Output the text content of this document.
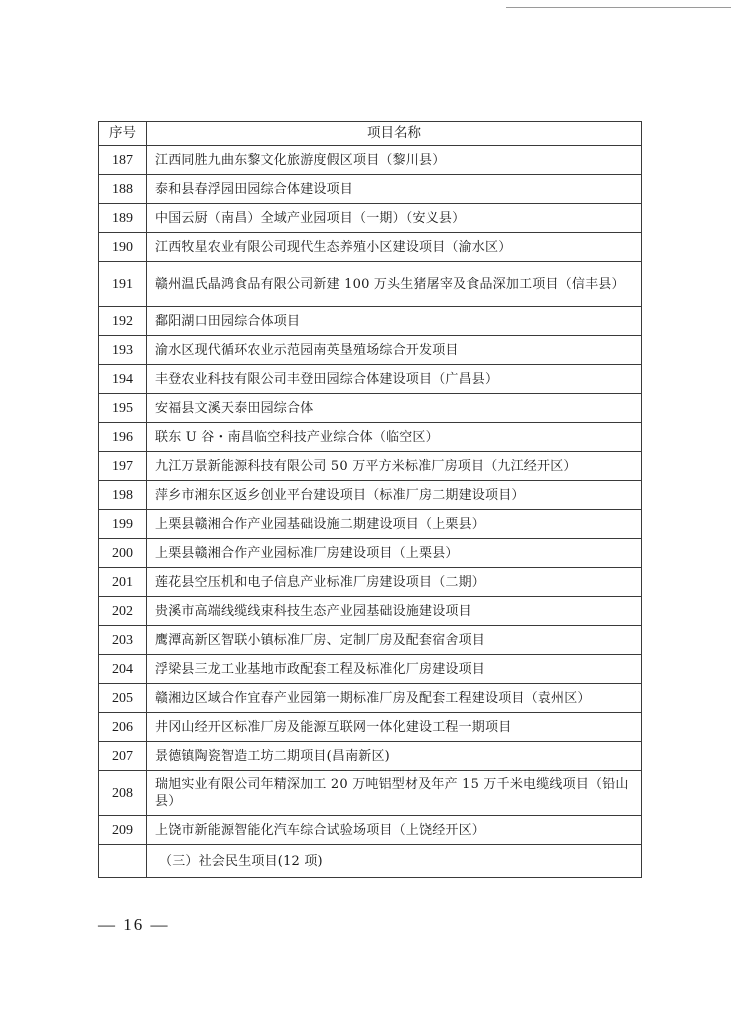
序号	项目名称
187	江西同胜九曲东黎文化旅游度假区项目（黎川县）
188	泰和县春浮园田园综合体建设项目
189	中国云厨（南昌）全域产业园项目（一期）（安义县）
190	江西牧星农业有限公司现代生态养殖小区建设项目（渝水区）
191	赣州温氏晶鸿食品有限公司新建 100 万头生猪屠宰及食品深加工项目（信丰县）
192	鄱阳湖口田园综合体项目
193	渝水区现代循环农业示范园南英垦殖场综合开发项目
194	丰登农业科技有限公司丰登田园综合体建设项目（广昌县）
195	安福县文溪天泰田园综合体
196	联东 U 谷・南昌临空科技产业综合体（临空区）
197	九江万景新能源科技有限公司 50 万平方米标准厂房项目（九江经开区）
198	萍乡市湘东区返乡创业平台建设项目（标准厂房二期建设项目）
199	上栗县赣湘合作产业园基础设施二期建设项目（上栗县）
200	上栗县赣湘合作产业园标准厂房建设项目（上栗县）
201	莲花县空压机和电子信息产业标准厂房建设项目（二期）
202	贵溪市高端线缆线束科技生态产业园基础设施建设项目
203	鹰潭高新区智联小镇标准厂房、定制厂房及配套宿舍项目
204	浮梁县三龙工业基地市政配套工程及标准化厂房建设项目
205	赣湘边区域合作宜春产业园第一期标准厂房及配套工程建设项目（袁州区）
206	井冈山经开区标准厂房及能源互联网一体化建设工程一期项目
207	景德镇陶瓷智造工坊二期项目(昌南新区)
208	瑞旭实业有限公司年精深加工 20 万吨铝型材及年产 15 万千米电缆线项目（铅山县）
209	上饶市新能源智能化汽车综合试验场项目（上饶经开区）
	（三）社会民生项目(12 项)
— 16 —
